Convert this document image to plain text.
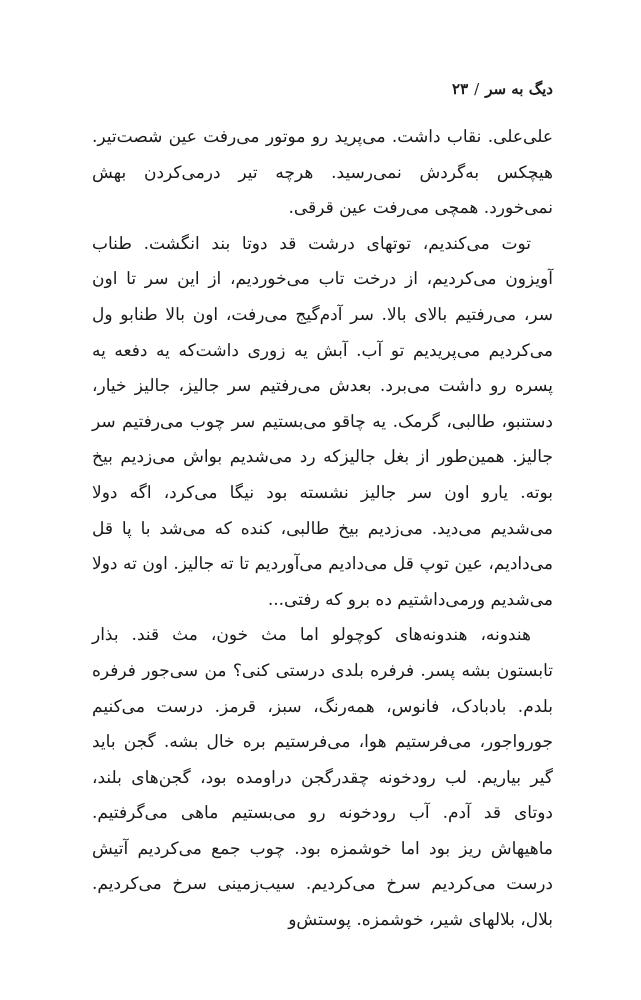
دیگ به سر/۲۳

علی‌علی. نقاب داشت. می‌پرید رو موتور می‌رفت عین شصت‌تیر. هیچکس به‌گردش نمی‌رسید. هرچه تیر درمی‌کردن بهش نمی‌خورد. همچی می‌رفت عین قرقی.

توت می‌کندیم، توتهای درشت قد دوتا بند انگشت. طناب آویزون می‌کردیم، از درخت تاب می‌خوردیم، از این سر تا اون سر، می‌رفتیم بالای بالا. سر آدم‌گیج می‌رفت، اون بالا طنابو ول می‌کردیم می‌پریدیم تو آب. آبش یه زوری داشت‌که یه دفعه یه پسره رو داشت می‌برد. بعدش می‌رفتیم سر جالیز، جالیز خیار، دستنبو، طالبی، گرمک. یه چاقو می‌بستیم سر چوب می‌رفتیم سر جالیز. همین‌طور از بغل جالیزکه رد می‌شدیم بواش می‌زدیم بیخ بوته. یارو اون سر جالیز نشسته بود نیگا می‌کرد، اگه دولا می‌شدیم می‌دید. می‌زدیم بیخ طالبی، کنده که می‌شد با پا قل می‌دادیم، عین توپ قل می‌دادیم می‌آوردیم تا ته جالیز. اون ته دولا می‌شدیم ورمی‌داشتیم ده برو که رفتی...

هندونه، هندونه‌های کوچولو اما مث خون، مث قند. بذار تابستون بشه پسر. فرفره بلدی درستی کنی؟ من سی‌جور فرفره بلدم. بادبادک، فانوس، همه‌رنگ، سبز، قرمز. درست می‌کنیم جوروا‌جور، می‌فرستیم هوا، می‌فرستیم بره خال بشه. گجن باید گیر بیاریم. لب رودخونه چقدرگجن دراومده بود، گجن‌های بلند، دوتای قد آدم. آب رودخونه رو می‌بستیم ماهی می‌گرفتیم. ماهیهاش ریز بود اما خوشمزه بود. چوب جمع می‌کردیم آتیش درست می‌کردیم سرخ می‌کردیم. سیب‌زمینی سرخ می‌کردیم. بلال، بلالهای شیر، خوشمزه. پوستش‌و
